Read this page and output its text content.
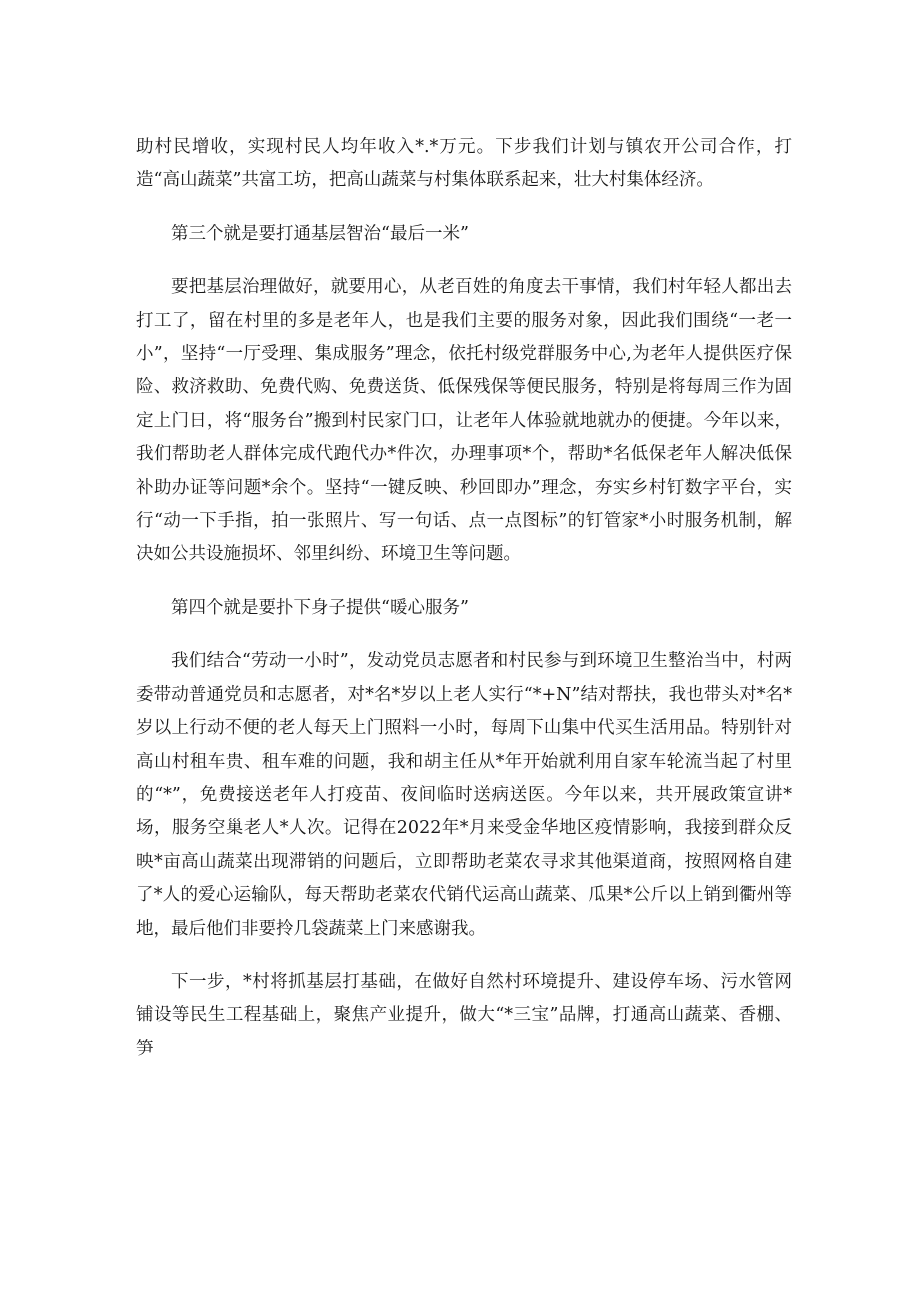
助村民增收，实现村民人均年收入*.*万元。下步我们计划与镇农开公司合作，打造“高山蔬菜”共富工坊，把高山蔬菜与村集体联系起来，壮大村集体经济。

第三个就是要打通基层智治“最后一米”

要把基层治理做好，就要用心，从老百姓的角度去干事情，我们村年轻人都出去打工了，留在村里的多是老年人，也是我们主要的服务对象，因此我们围绕“一老一小”，坚持“一厅受理、集成服务”理念，依托村级党群服务中心,为老年人提供医疗保险、救济救助、免费代购、免费送货、低保残保等便民服务，特别是将每周三作为固定上门日，将“服务台”搬到村民家门口，让老年人体验就地就办的便捷。今年以来，我们帮助老人群体完成代跑代办*件次，办理事项*个，帮助*名低保老年人解决低保补助办证等问题*余个。坚持“一键反映、秒回即办”理念，夯实乡村钉数字平台，实行“动一下手指，拍一张照片、写一句话、点一点图标”的钉管家*小时服务机制，解决如公共设施损坏、邻里纠纷、环境卫生等问题。

第四个就是要扑下身子提供“暖心服务”

我们结合“劳动一小时”，发动党员志愿者和村民参与到环境卫生整治当中，村两委带动普通党员和志愿者，对*名*岁以上老人实行“*+N”结对帮扶，我也带头对*名*岁以上行动不便的老人每天上门照料一小时，每周下山集中代买生活用品。特别针对高山村租车贵、租车难的问题，我和胡主任从*年开始就利用自家车轮流当起了村里的“*”，免费接送老年人打疫苗、夜间临时送病送医。今年以来，共开展政策宣讲*场，服务空巢老人*人次。记得在2022年*月来受金华地区疫情影响，我接到群众反映*亩高山蔬菜出现滞销的问题后，立即帮助老菜农寻求其他渠道商，按照网格自建了*人的爱心运输队，每天帮助老菜农代销代运高山蔬菜、瓜果*公斤以上销到衢州等地，最后他们非要拎几袋蔬菜上门来感谢我。

下一步，*村将抓基层打基础，在做好自然村环境提升、建设停车场、污水管网铺设等民生工程基础上，聚焦产业提升，做大“*三宝”品牌，打通高山蔬菜、香棚、笋
